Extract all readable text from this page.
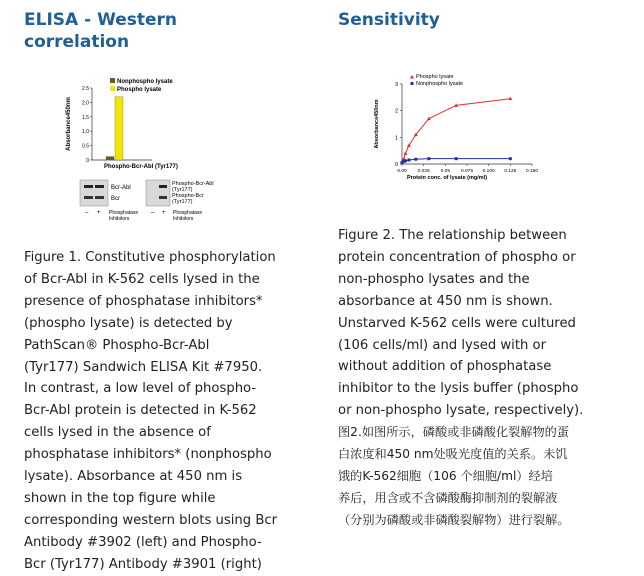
ELISA - Western
correlation
Sensitivity
0
0.5
1.0
1.5
2.0
2.5
Absorbance450nm
Phospho-Bcr-Abl (Tyr177)
Nonphospho lysate
Phospho lysate
Bcr-Abl
Bcr
Phospho-Bcr-Abl
(Tyr177)
Phospho-Bcr
(Tyr177)
– +	– +
Phosphatase
Inhibitors
Phosphatase
Inhibitors
0
1
2
3
0.00 0.025 0.05 0.075 0.100 0.125 0.150
Protein conc. of lysate (mg/ml)
Absorbance450nm
Phospho lysate
Nonphospho lysate
Figure 1. Constitutive phosphorylation
of Bcr-Abl in K-562 cells lysed in the
presence of phosphatase inhibitors*
(phospho lysate) is detected by
PathScan® Phospho-Bcr-Abl
(Tyr177) Sandwich ELISA Kit #7950.
In contrast, a low level of phospho-
Bcr-Abl protein is detected in K-562
cells lysed in the absence of
phosphatase inhibitors* (nonphospho
lysate). Absorbance at 450 nm is
shown in the top figure while
corresponding western blots using Bcr
Antibody #3902 (left) and Phospho-
Bcr (Tyr177) Antibody #3901 (right)
Figure 2. The relationship between
protein concentration of phospho or
non-phospho lysates and the
absorbance at 450 nm is shown.
Unstarved K-562 cells were cultured
(106 cells/ml) and lysed with or
without addition of phosphatase
inhibitor to the lysis buffer (phospho
or non-phospho lysate, respectively).
图2.如图所示，磷酸或非磷酸化裂解物的蛋
白浓度和450 nm处吸光度值的关系。未饥
饿的K-562细胞（106 个细胞/ml）经培
养后，用含或不含磷酸酶抑制剂的裂解液
（分别为磷酸或非磷酸裂解物）进行裂解。
